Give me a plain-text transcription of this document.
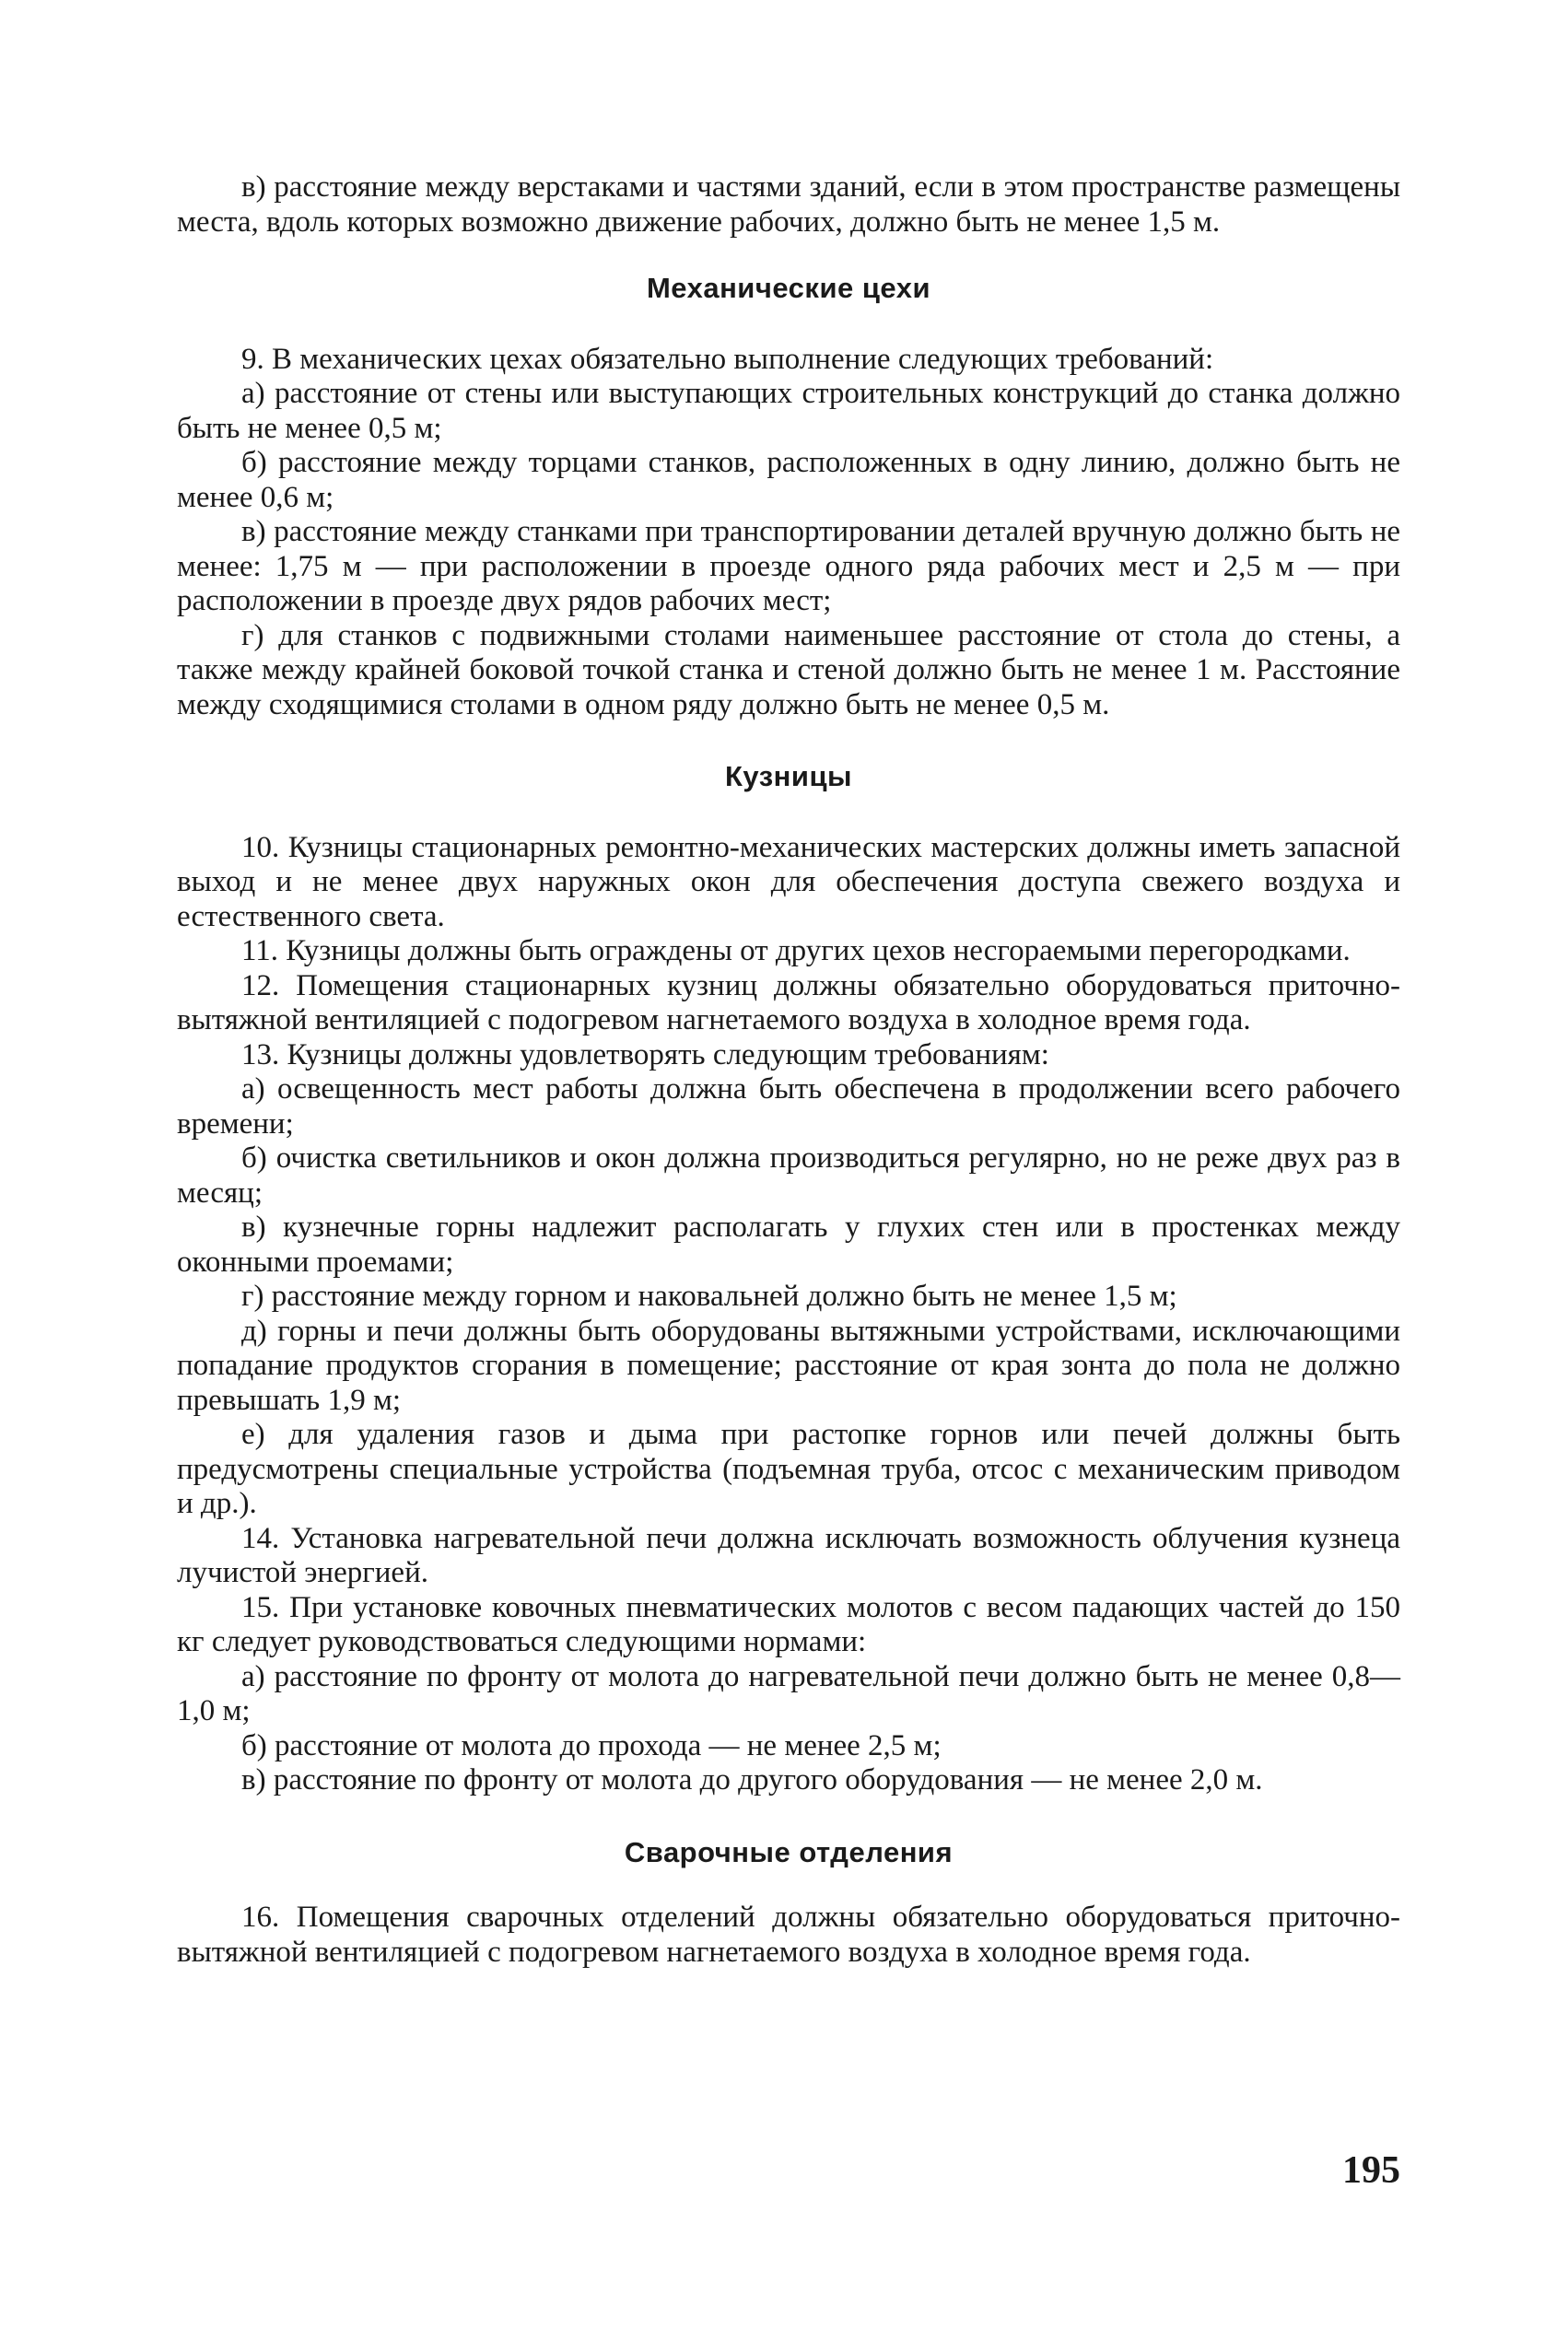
в) расстояние между верстаками и частями зданий, если в этом пространстве размещены места, вдоль которых возможно движение рабочих, должно быть не менее 1,5 м.

Механические цехи

9. В механических цехах обязательно выполнение следующих требований:

а) расстояние от стены или выступающих строительных конструкций до станка должно быть не менее 0,5 м;

б) расстояние между торцами станков, расположенных в одну линию, должно быть не менее 0,6 м;

в) расстояние между станками при транспортировании деталей вручную должно быть не менее: 1,75 м — при расположении в проезде одного ряда рабочих мест и 2,5 м — при расположении в проезде двух рядов рабочих мест;

г) для станков с подвижными столами наименьшее расстояние от стола до стены, а также между крайней боковой точкой станка и стеной должно быть не менее 1 м. Расстояние между сходящимися столами в одном ряду должно быть не менее 0,5 м.

Кузницы

10. Кузницы стационарных ремонтно-механических мастерских должны иметь запасной выход и не менее двух наружных окон для обеспечения доступа свежего воздуха и естественного света.

11. Кузницы должны быть ограждены от других цехов несгораемыми перегородками.

12. Помещения стационарных кузниц должны обязательно оборудоваться приточно-вытяжной вентиляцией с подогревом нагнетаемого воздуха в холодное время года.

13. Кузницы должны удовлетворять следующим требованиям:

а) освещенность мест работы должна быть обеспечена в продолжении всего рабочего времени;

б) очистка светильников и окон должна производиться регулярно, но не реже двух раз в месяц;

в) кузнечные горны надлежит располагать у глухих стен или в простенках между оконными проемами;

г) расстояние между горном и наковальней должно быть не менее 1,5 м;

д) горны и печи должны быть оборудованы вытяжными устройствами, исключающими попадание продуктов сгорания в помещение; расстояние от края зонта до пола не должно превышать 1,9 м;

е) для удаления газов и дыма при растопке горнов или печей должны быть предусмотрены специальные устройства (подъемная труба, отсос с механическим приводом и др.).

14. Установка нагревательной печи должна исключать возможность облучения кузнеца лучистой энергией.

15. При установке ковочных пневматических молотов с весом падающих частей до 150 кг следует руководствоваться следующими нормами:

а) расстояние по фронту от молота до нагревательной печи должно быть не менее 0,8—1,0 м;

б) расстояние от молота до прохода — не менее 2,5 м;

в) расстояние по фронту от молота до другого оборудования — не менее 2,0 м.

Сварочные отделения

16. Помещения сварочных отделений должны обязательно оборудоваться приточно-вытяжной вентиляцией с подогревом нагнетаемого воздуха в холодное время года.

195
